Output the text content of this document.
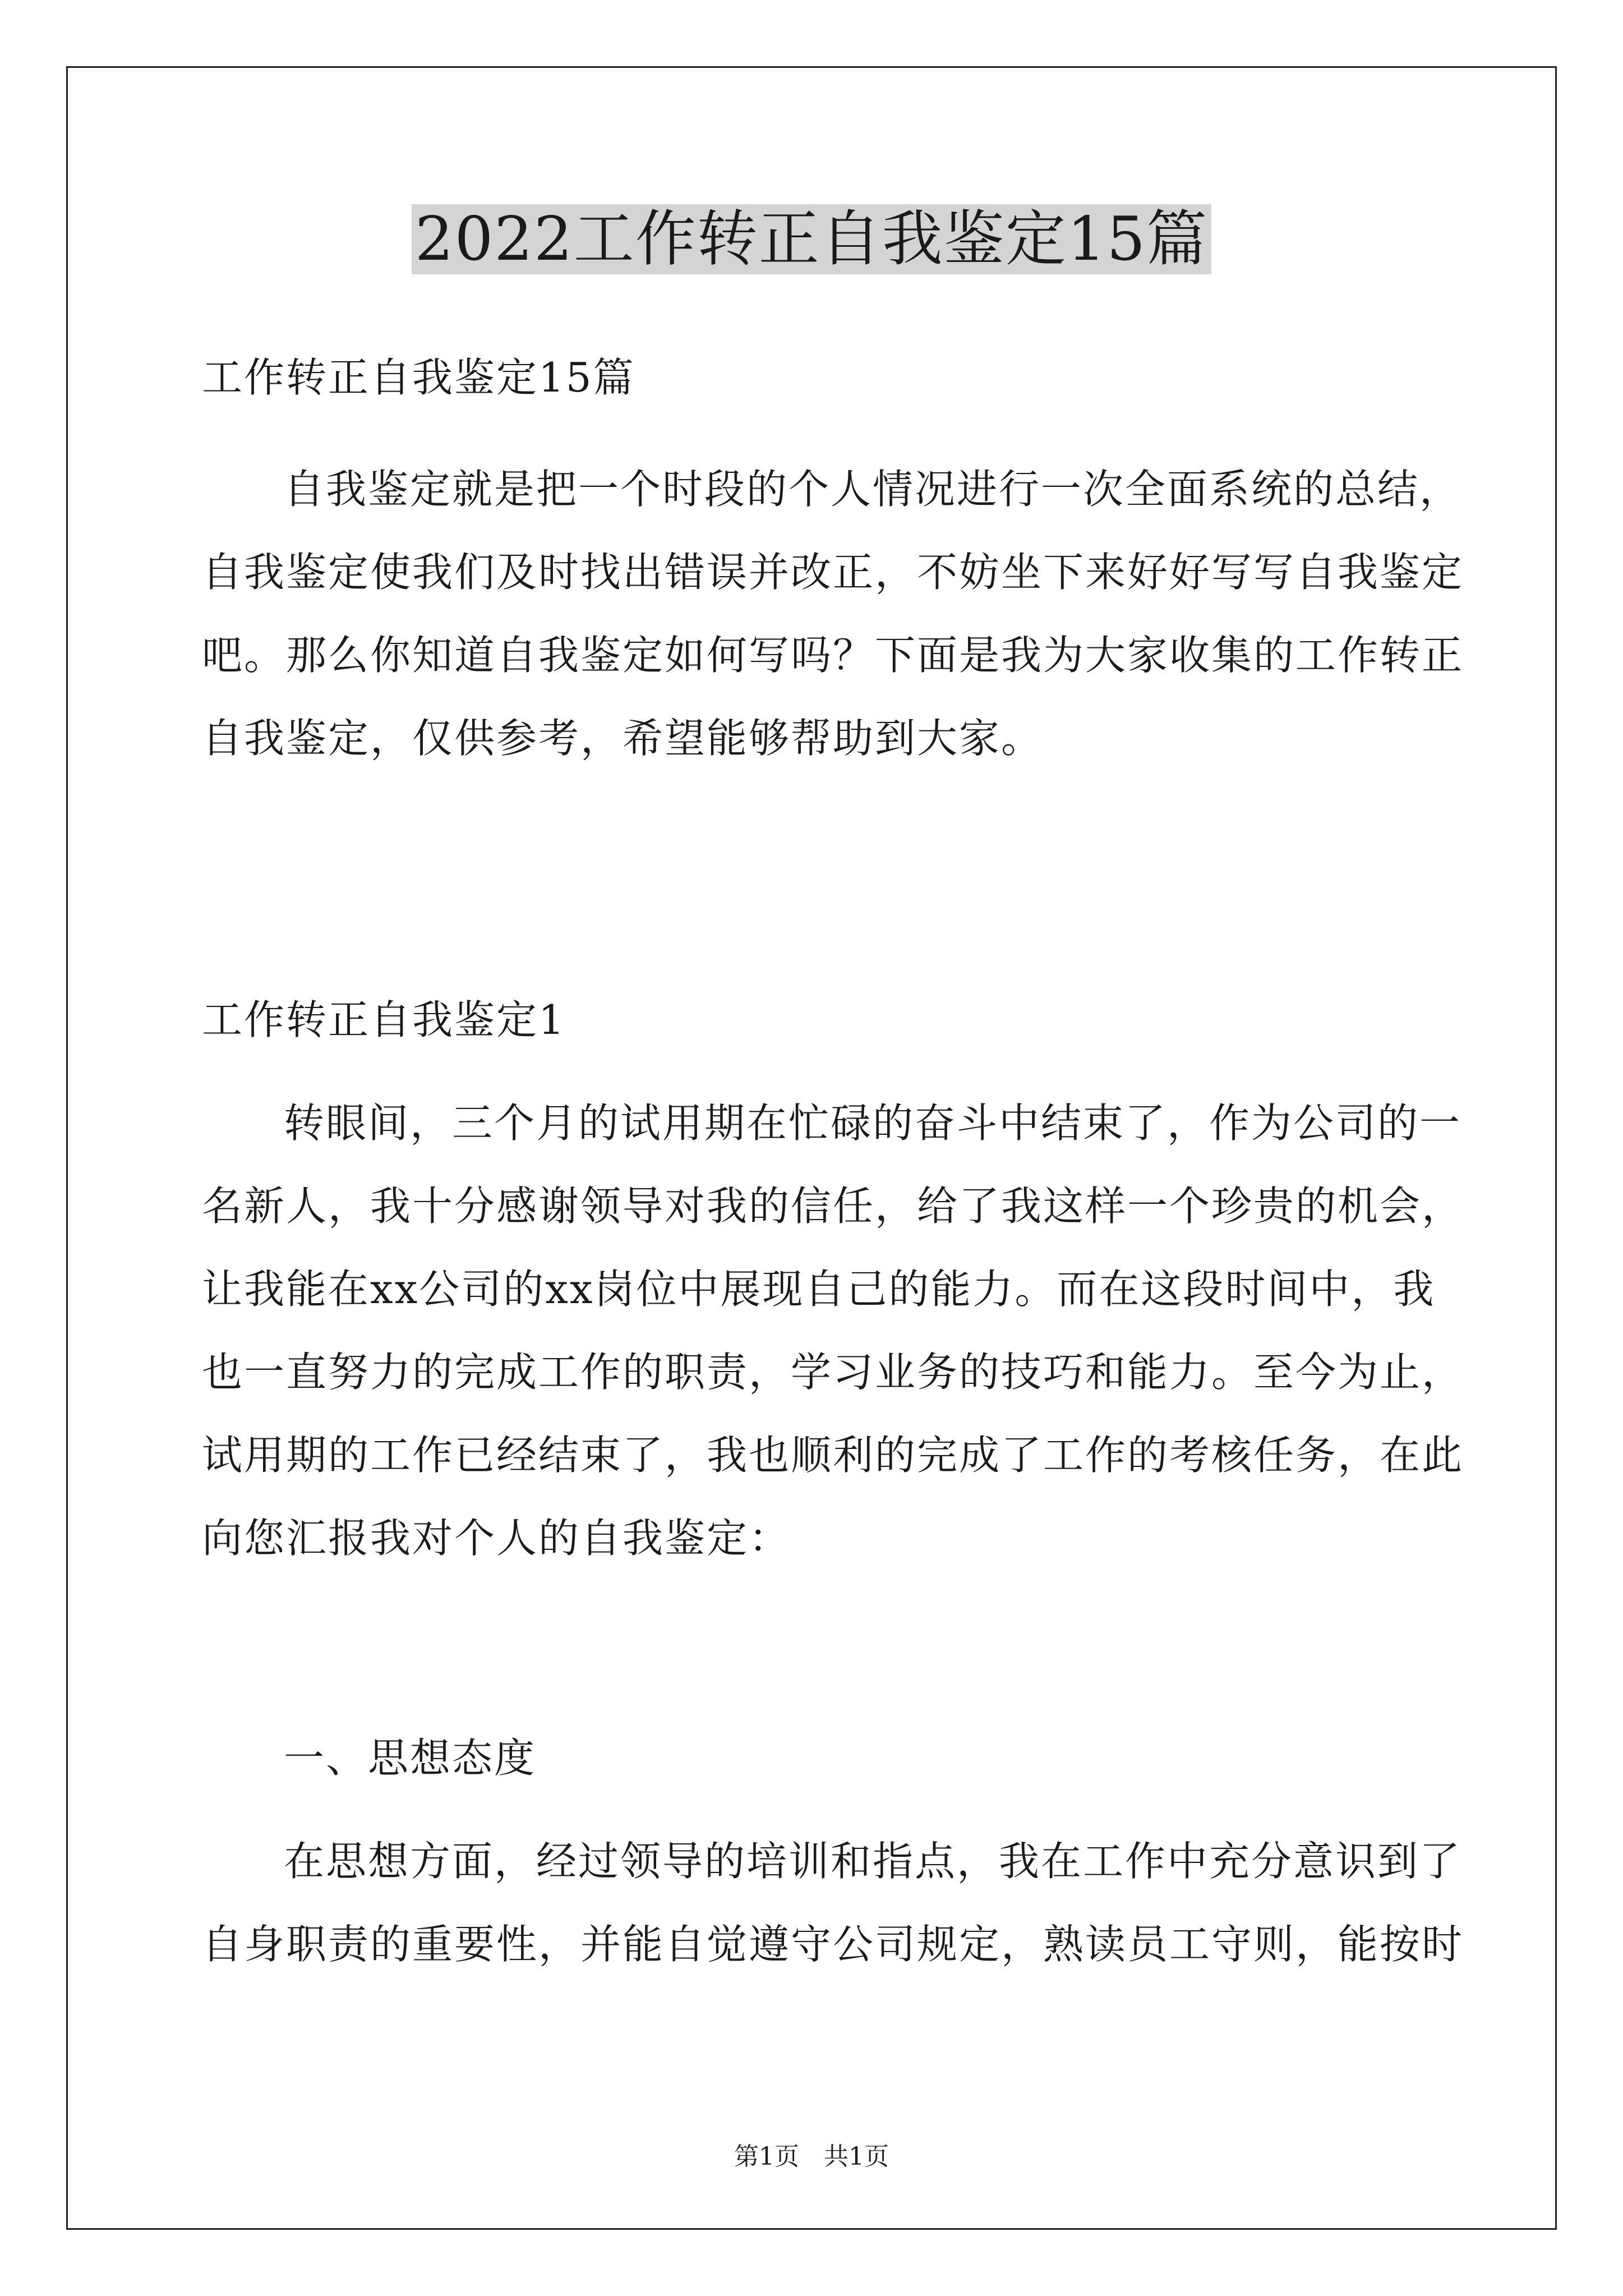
2022工作转正自我鉴定15篇

工作转正自我鉴定15篇

自我鉴定就是把一个时段的个人情况进行一次全面系统的总结，

自我鉴定使我们及时找出错误并改正，不妨坐下来好好写写自我鉴定

吧。那么你知道自我鉴定如何写吗？下面是我为大家收集的工作转正

自我鉴定，仅供参考，希望能够帮助到大家。

工作转正自我鉴定1

转眼间，三个月的试用期在忙碌的奋斗中结束了，作为公司的一

名新人，我十分感谢领导对我的信任，给了我这样一个珍贵的机会，

让我能在xx公司的xx岗位中展现自己的能力。而在这段时间中，我

也一直努力的完成工作的职责，学习业务的技巧和能力。至今为止，

试用期的工作已经结束了，我也顺利的完成了工作的考核任务，在此

向您汇报我对个人的自我鉴定：

一、思想态度

在思想方面，经过领导的培训和指点，我在工作中充分意识到了

自身职责的重要性，并能自觉遵守公司规定，熟读员工守则，能按时

第1页　共1页
